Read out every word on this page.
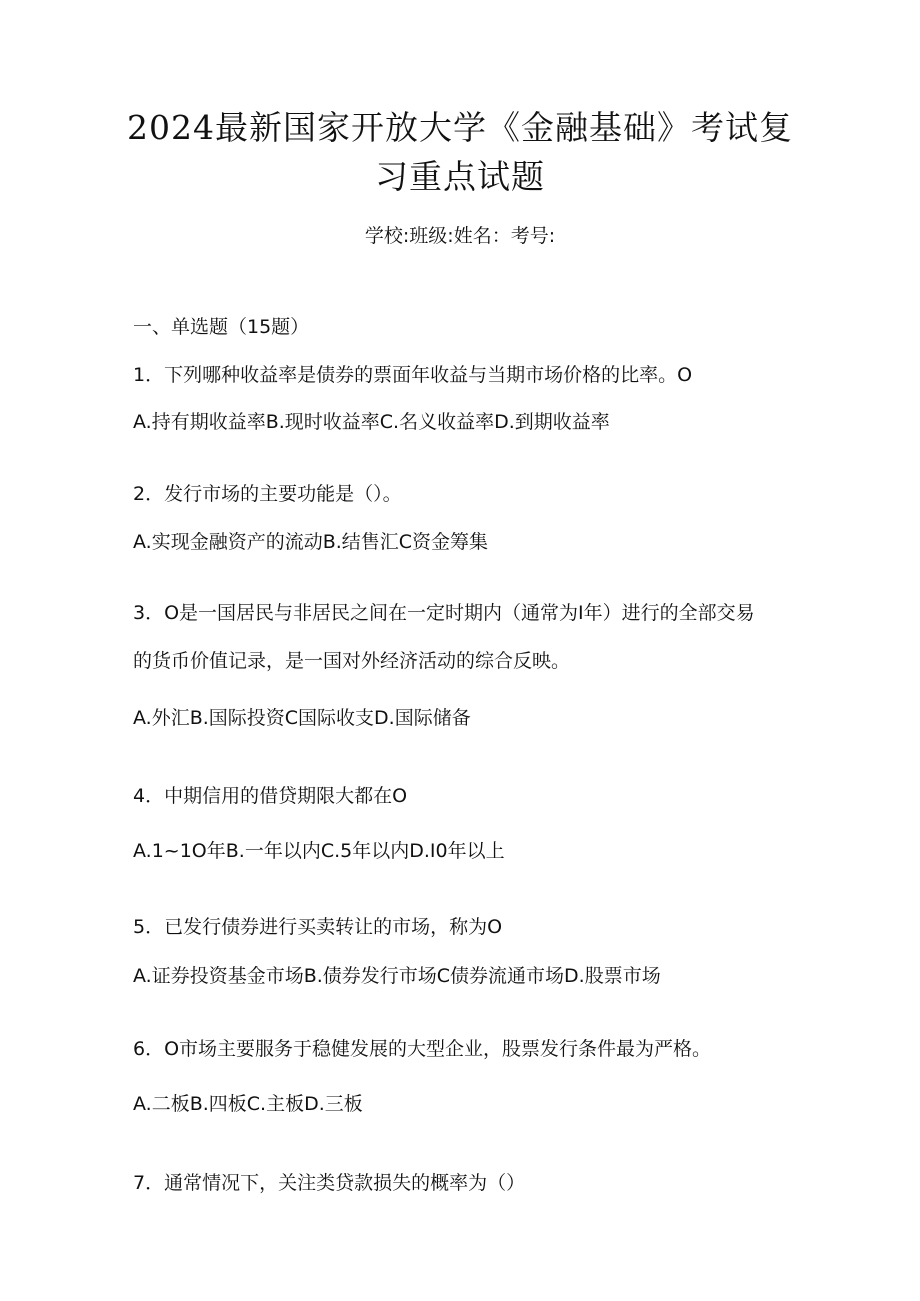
2024最新国家开放大学《金融基础》考试复
习重点试题
学校:班级:姓名：考号:
一、单选题（15题）
1．下列哪种收益率是债券的票面年收益与当期市场价格的比率。O
A.持有期收益率B.现时收益率C.名义收益率D.到期收益率
2．发行市场的主要功能是（）。
A.实现金融资产的流动B.结售汇C资金筹集
3．O是一国居民与非居民之间在一定时期内（通常为I年）进行的全部交易
的货币价值记录，是一国对外经济活动的综合反映。
A.外汇B.国际投资C国际收支D.国际储备
4．中期信用的借贷期限大都在O
A.1~1O年B.一年以内C.5年以内D.I0年以上
5．已发行债券进行买卖转让的市场，称为O
A.证券投资基金市场B.债券发行市场C债券流通市场D.股票市场
6．O市场主要服务于稳健发展的大型企业，股票发行条件最为严格。
A.二板B.四板C.主板D.三板
7．通常情况下，关注类贷款损失的概率为（）
